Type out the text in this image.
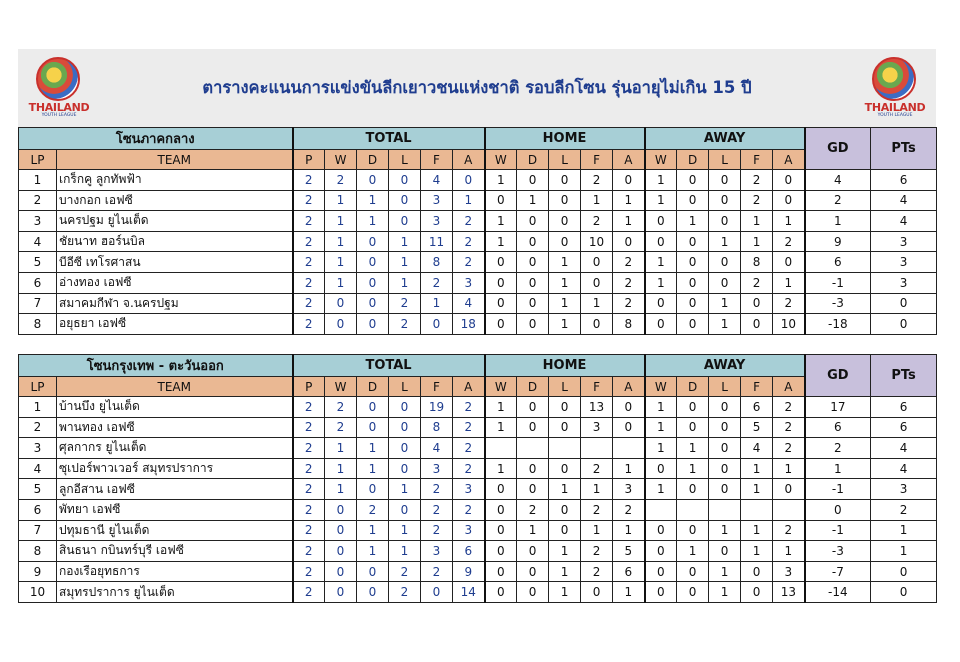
THAILAND
YOUTH LEAGUE
ตารางคะแนนการแข่งขันลีกเยาวชนแห่งชาติ รอบลีกโซน รุ่นอายุไม่เกิน 15 ปี
THAILAND
YOUTH LEAGUE
โซนภาคกลาง		TOTAL						HOME					AWAY					GD	PTs
LP	TEAM	P	W	D	L	F	A	W	D	L	F	A	W	D	L	F	A		
1	เกร็กคู ลูกทัพฟ้า	2	2	0	0	4	0	1	0	0	2	0	1	0	0	2	0	4	6
2	บางกอก เอฟซี	2	1	1	0	3	1	0	1	0	1	1	1	0	0	2	0	2	4
3	นครปฐม ยูไนเต็ด	2	1	1	0	3	2	1	0	0	2	1	0	1	0	1	1	1	4
4	ชัยนาท ฮอร์นบิล	2	1	0	1	11	2	1	0	0	10	0	0	0	1	1	2	9	3
5	บีอีซี เทโรศาสน	2	1	0	1	8	2	0	0	1	0	2	1	0	0	8	0	6	3
6	อ่างทอง เอฟซี	2	1	0	1	2	3	0	0	1	0	2	1	0	0	2	1	-1	3
7	สมาคมกีฬา จ.นครปฐม	2	0	0	2	1	4	0	0	1	1	2	0	0	1	0	2	-3	0
8	อยุธยา เอฟซี	2	0	0	2	0	18	0	0	1	0	8	0	0	1	0	10	-18	0
โซนกรุงเทพ - ตะวันออก		TOTAL						HOME					AWAY					GD	PTs
LP	TEAM	P	W	D	L	F	A	W	D	L	F	A	W	D	L	F	A		
1	บ้านบึง ยูไนเต็ด	2	2	0	0	19	2	1	0	0	13	0	1	0	0	6	2	17	6
2	พานทอง เอฟซี	2	2	0	0	8	2	1	0	0	3	0	1	0	0	5	2	6	6
3	ศุลกากร ยูไนเต็ด	2	1	1	0	4	2						1	1	0	4	2	2	4
4	ซุเปอร์พาวเวอร์ สมุทรปราการ	2	1	1	0	3	2	1	0	0	2	1	0	1	0	1	1	1	4
5	ลูกอีสาน เอฟซี	2	1	0	1	2	3	0	0	1	1	3	1	0	0	1	0	-1	3
6	พัทยา เอฟซี	2	0	2	0	2	2	0	2	0	2	2						0	2
7	ปทุมธานี ยูไนเต็ด	2	0	1	1	2	3	0	1	0	1	1	0	0	1	1	2	-1	1
8	สินธนา กบินทร์บุรี เอฟซี	2	0	1	1	3	6	0	0	1	2	5	0	1	0	1	1	-3	1
9	กองเรือยุทธการ	2	0	0	2	2	9	0	0	1	2	6	0	0	1	0	3	-7	0
10	สมุทรปราการ ยูไนเต็ด	2	0	0	2	0	14	0	0	1	0	1	0	0	1	0	13	-14	0
